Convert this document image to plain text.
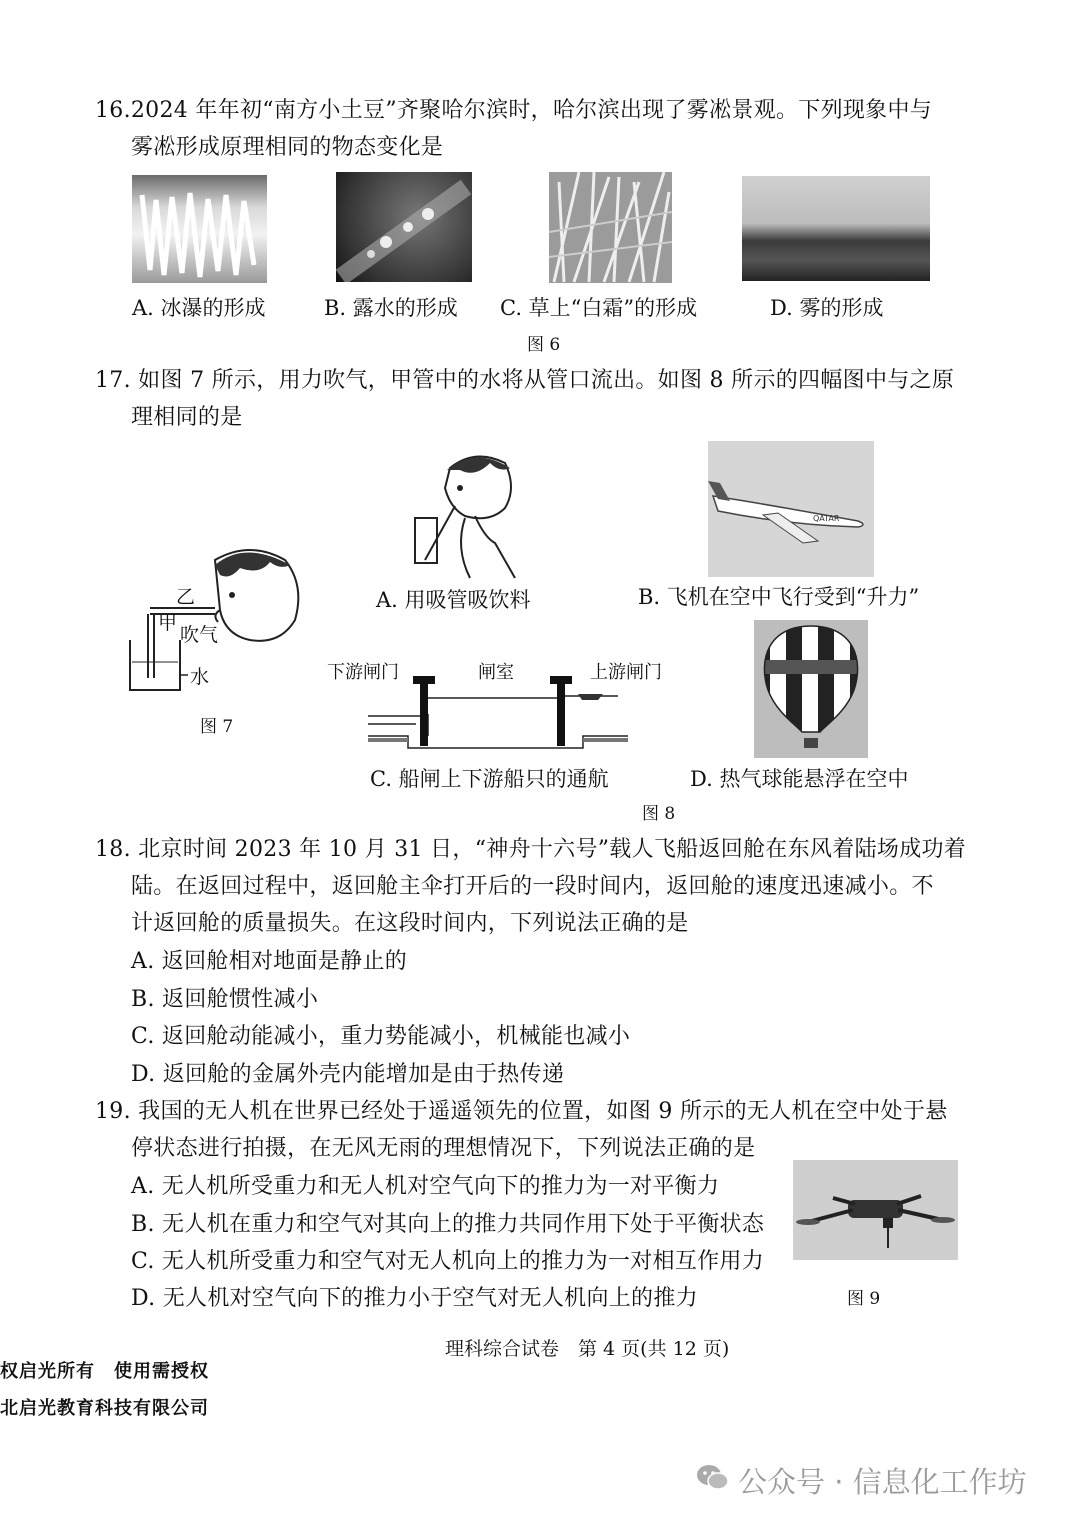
16.2024 年年初“南方小土豆”齐聚哈尔滨时，哈尔滨出现了雾凇景观。下列现象中与
雾凇形成原理相同的物态变化是
A. 冰瀑的形成	B. 露水的形成 C. 草上“白霜”的形成	D. 雾的形成
图 6
17. 如图 7 所示，用力吹气，甲管中的水将从管口流出。如图 8 所示的四幅图中与之原
理相同的是
乙
甲
吹气
水
图 7
A. 用吸管吸饮料
QATAR
B. 飞机在空中飞行受到“升力”
下游闸门	闸室	上游闸门
C. 船闸上下游船只的通航	D. 热气球能悬浮在空中
图 8
18. 北京时间 2023 年 10 月 31 日，“神舟十六号”载人飞船返回舱在东风着陆场成功着
陆。在返回过程中，返回舱主伞打开后的一段时间内，返回舱的速度迅速减小。不
计返回舱的质量损失。在这段时间内，下列说法正确的是
A. 返回舱相对地面是静止的
B. 返回舱惯性减小
C. 返回舱动能减小，重力势能减小，机械能也减小
D. 返回舱的金属外壳内能增加是由于热传递
19. 我国的无人机在世界已经处于遥遥领先的位置，如图 9 所示的无人机在空中处于悬
停状态进行拍摄，在无风无雨的理想情况下，下列说法正确的是
A. 无人机所受重力和无人机对空气向下的推力为一对平衡力
B. 无人机在重力和空气对其向上的推力共同作用下处于平衡状态
C. 无人机所受重力和空气对无人机向上的推力为一对相互作用力
D. 无人机对空气向下的推力小于空气对无人机向上的推力	图 9
理科综合试卷　第 4 页(共 12 页)
权启光所有　使用需授权
北启光教育科技有限公司
公众号 · 信息化工作坊
